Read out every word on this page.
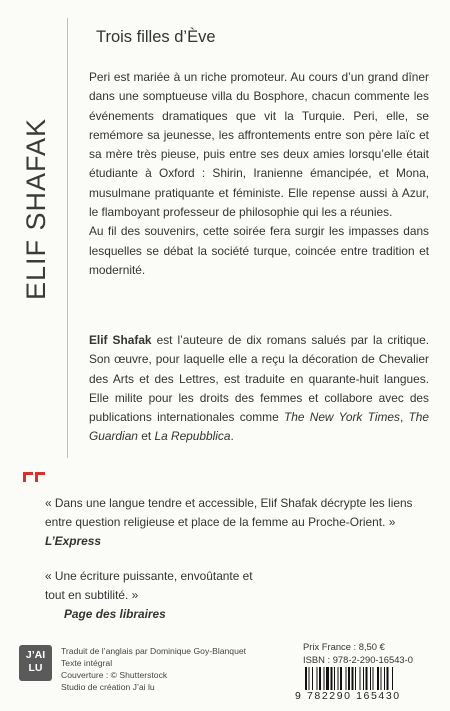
ELIF SHAFAK
Trois filles d’Ève

Peri est mariée à un riche promoteur. Au cours d’un grand dîner dans une somptueuse villa du Bosphore, chacun commente les événements dramatiques que vit la Turquie. Peri, elle, se remémore sa jeunesse, les affrontements entre son père laïc et sa mère très pieuse, puis entre ses deux amies lorsqu’elle était étudiante à Oxford : Shirin, Iranienne émancipée, et Mona, musulmane pratiquante et féministe. Elle repense aussi à Azur, le flamboyant professeur de philosophie qui les a réunies.

Au fil des souvenirs, cette soirée fera surgir les impasses dans lesquelles se débat la société turque, coincée entre tradition et modernité.

Elif Shafak est l’auteure de dix romans salués par la critique. Son œuvre, pour laquelle elle a reçu la décoration de Chevalier des Arts et des Lettres, est traduite en quarante-huit langues. Elle milite pour les droits des femmes et collabore avec des publications internationales comme The New York Times, The Guardian et La Repubblica.
« Dans une langue tendre et accessible, Elif Shafak décrypte les liens entre question religieuse et place de la femme au Proche-Orient. »
L’Express
« Une écriture puissante, envoûtante et tout en subtilité. »
Page des libraires
J’AI
LU
Traduit de l’anglais par Dominique Goy-Blanquet
Texte intégral
Couverture : © Shutterstock
Studio de création J’ai lu
Prix France : 8,50 €
ISBN : 978-2-290-16543-0
9 782290 165430
